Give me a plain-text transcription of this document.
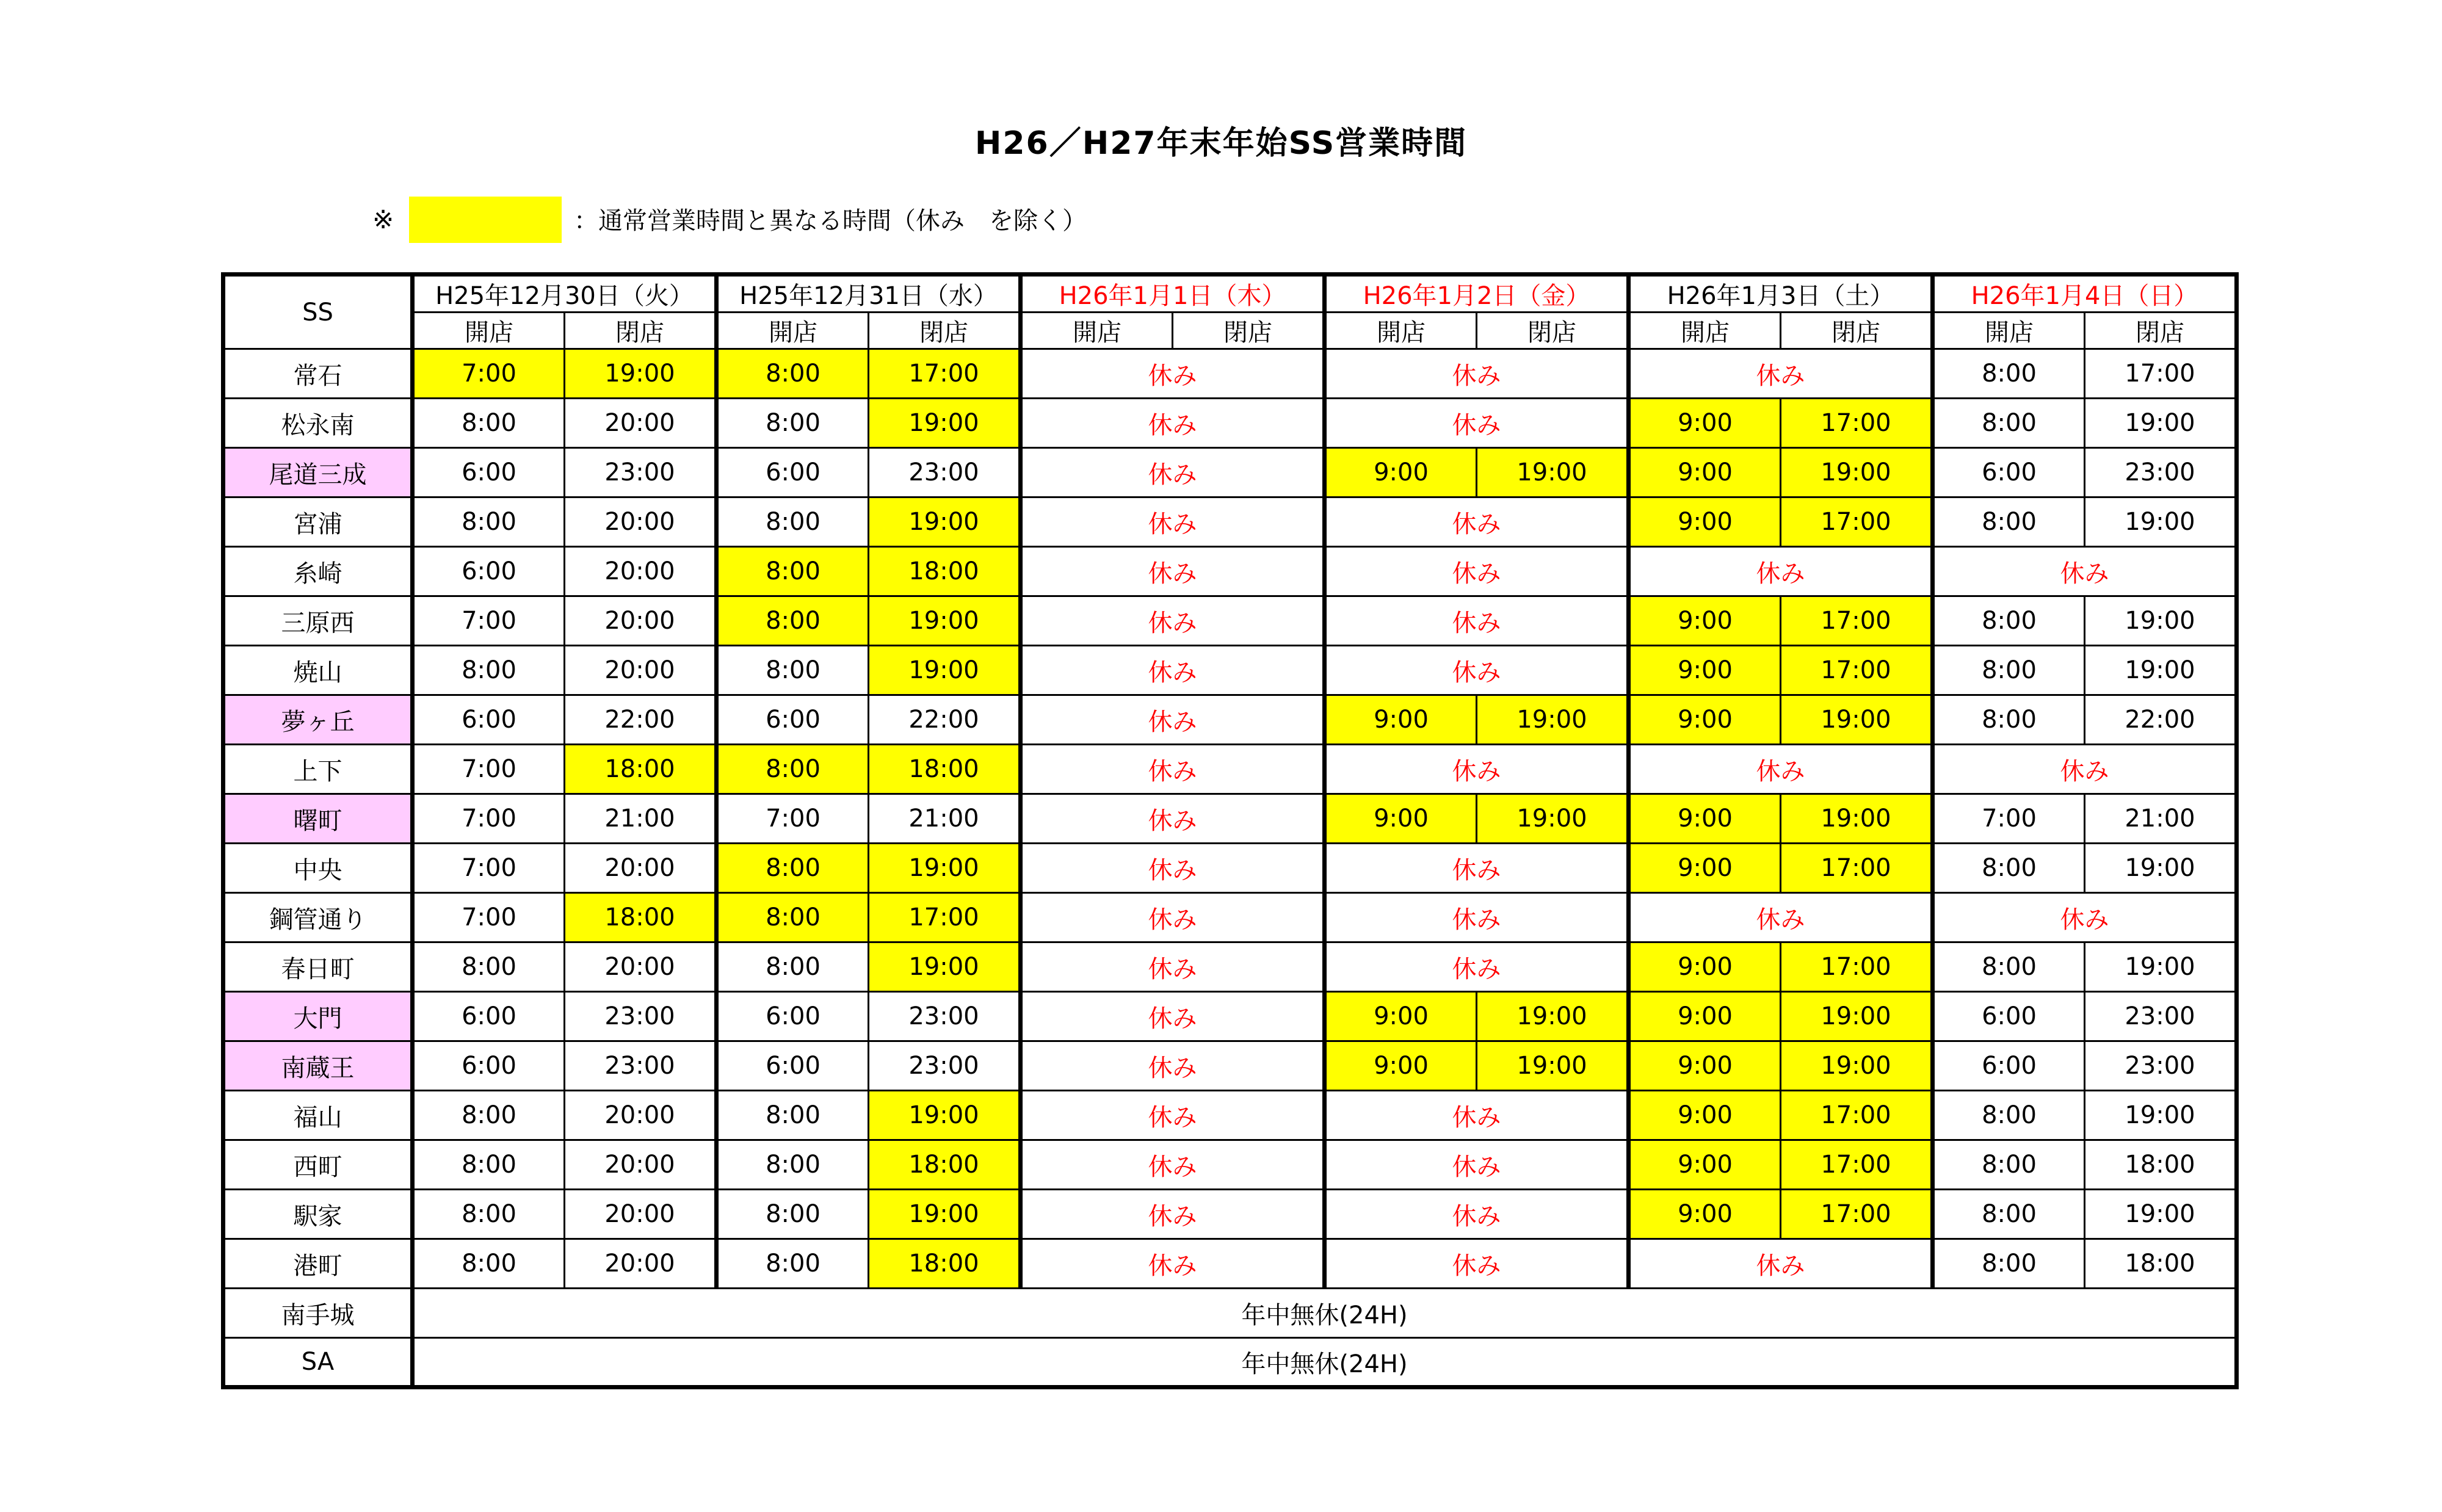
H26／H27年末年始SS営業時間
※	：通常営業時間と異なる時間（休み　を除く）
SS	H25年12月30日（火）		H25年12月31日（水）		H26年1月1日（木）		H26年1月2日（金）		H26年1月3日（土）		H26年1月4日（日）	
	開店	閉店	開店	閉店	開店	閉店	開店	閉店	開店	閉店	開店	閉店
常石	7:00	19:00	8:00	17:00	休み		休み		休み		8:00	17:00
松永南	8:00	20:00	8:00	19:00	休み		休み		9:00	17:00	8:00	19:00
尾道三成	6:00	23:00	6:00	23:00	休み		9:00	19:00	9:00	19:00	6:00	23:00
宮浦	8:00	20:00	8:00	19:00	休み		休み		9:00	17:00	8:00	19:00
糸崎	6:00	20:00	8:00	18:00	休み		休み		休み		休み	
三原西	7:00	20:00	8:00	19:00	休み		休み		9:00	17:00	8:00	19:00
焼山	8:00	20:00	8:00	19:00	休み		休み		9:00	17:00	8:00	19:00
夢ヶ丘	6:00	22:00	6:00	22:00	休み		9:00	19:00	9:00	19:00	8:00	22:00
上下	7:00	18:00	8:00	18:00	休み		休み		休み		休み	
曙町	7:00	21:00	7:00	21:00	休み		9:00	19:00	9:00	19:00	7:00	21:00
中央	7:00	20:00	8:00	19:00	休み		休み		9:00	17:00	8:00	19:00
鋼管通り	7:00	18:00	8:00	17:00	休み		休み		休み		休み	
春日町	8:00	20:00	8:00	19:00	休み		休み		9:00	17:00	8:00	19:00
大門	6:00	23:00	6:00	23:00	休み		9:00	19:00	9:00	19:00	6:00	23:00
南蔵王	6:00	23:00	6:00	23:00	休み		9:00	19:00	9:00	19:00	6:00	23:00
福山	8:00	20:00	8:00	19:00	休み		休み		9:00	17:00	8:00	19:00
西町	8:00	20:00	8:00	18:00	休み		休み		9:00	17:00	8:00	18:00
駅家	8:00	20:00	8:00	19:00	休み		休み		9:00	17:00	8:00	19:00
港町	8:00	20:00	8:00	18:00	休み		休み		休み		8:00	18:00
南手城	年中無休(24H)											
SA	年中無休(24H)											
